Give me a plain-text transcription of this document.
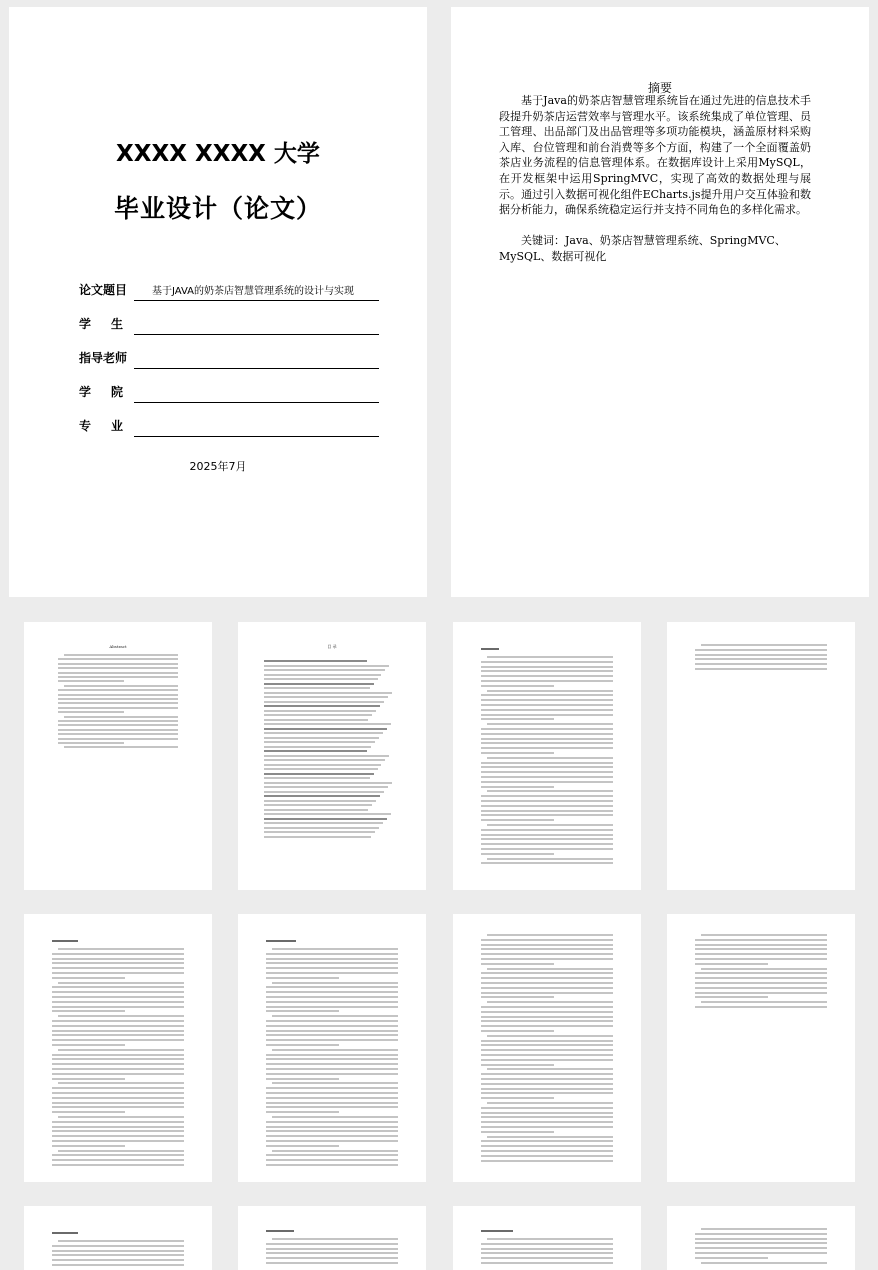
XXXX XXXX 大学
毕业设计（论文）
论文题目 基于JAVA的奶茶店智慧管理系统的设计与实现
学生
指导老师
学院
专业
2025年7月
摘要
基于Java的奶茶店智慧管理系统旨在通过先进的信息技术手段提升奶茶店运营效率与管理水平。该系统集成了单位管理、员工管理、出品部门及出品管理等多项功能模块，涵盖原材料采购入库、台位管理和前台消费等多个方面，构建了一个全面覆盖奶茶店业务流程的信息管理体系。在数据库设计上采用MySQL，在开发框架中运用SpringMVC，实现了高效的数据处理与展示。通过引入数据可视化组件ECharts.js提升用户交互体验和数据分析能力，确保系统稳定运行并支持不同角色的多样化需求。
关键词：Java、奶茶店智慧管理系统、SpringMVC、MySQL、数据可视化
Abstract	目 录
